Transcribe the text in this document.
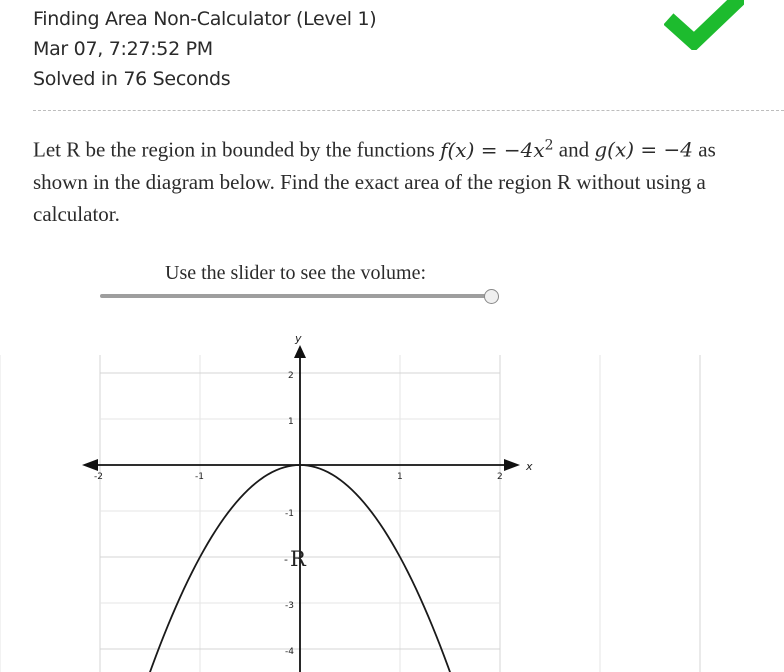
Finding Area Non-Calculator (Level 1)
Mar 07, 7:27:52 PM
Solved in 76 Seconds
Let R be the region in bounded by the functions $f(x) = -4x^2$ and g(x) = −4 as shown in the diagram below. Find the exact area of the region R without using a calculator.
Use the slider to see the volume:
x
y
-2	-1	1	2
2
1
-1
-3
-4
- R
